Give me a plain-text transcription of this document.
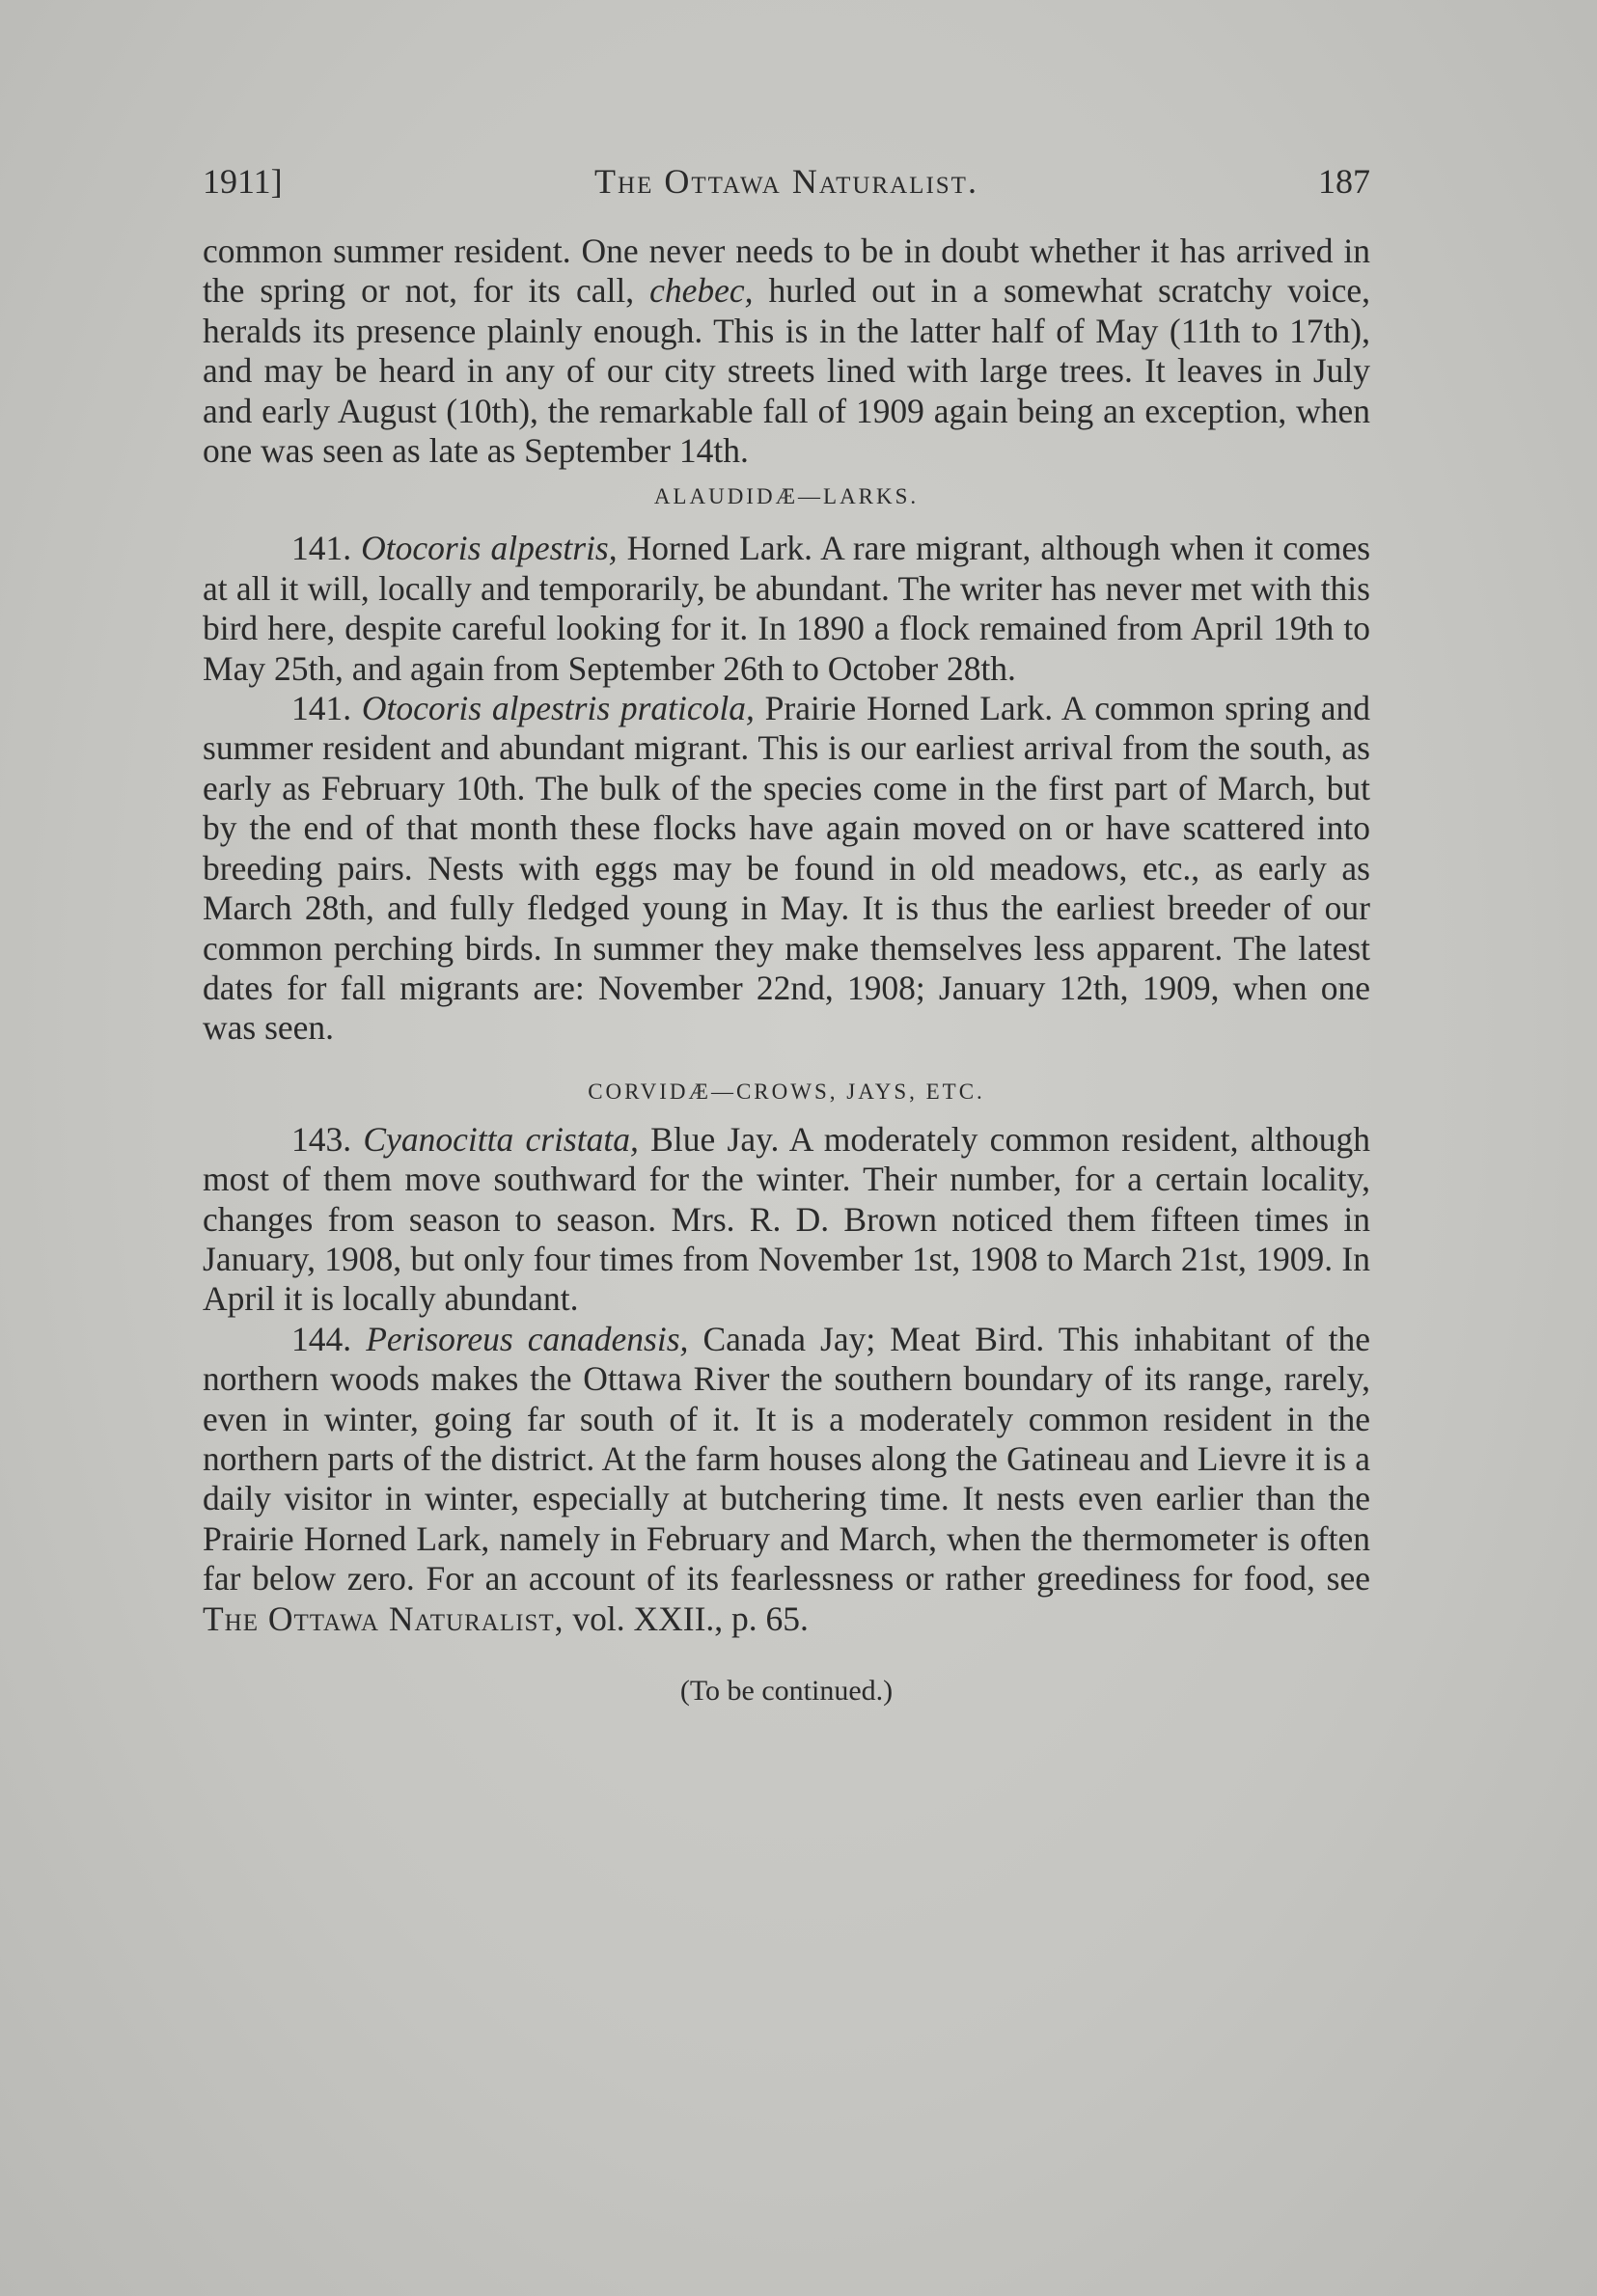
1911]	The Ottawa Naturalist.	187

common summer resident. One never needs to be in doubt whether it has arrived in the spring or not, for its call, chebec, hurled out in a somewhat scratchy voice, heralds its presence plainly enough. This is in the latter half of May (11th to 17th), and may be heard in any of our city streets lined with large trees. It leaves in July and early August (10th), the remarkable fall of 1909 again being an exception, when one was seen as late as September 14th.

ALAUDIDÆ—LARKS.

141. Otocoris alpestris, Horned Lark. A rare migrant, although when it comes at all it will, locally and temporarily, be abundant. The writer has never met with this bird here, despite careful looking for it. In 1890 a flock remained from April 19th to May 25th, and again from September 26th to October 28th.

141. Otocoris alpestris praticola, Prairie Horned Lark. A common spring and summer resident and abundant migrant. This is our earliest arrival from the south, as early as February 10th. The bulk of the species come in the first part of March, but by the end of that month these flocks have again moved on or have scattered into breeding pairs. Nests with eggs may be found in old meadows, etc., as early as March 28th, and fully fledged young in May. It is thus the earliest breeder of our common perching birds. In summer they make themselves less apparent. The latest dates for fall migrants are: November 22nd, 1908; January 12th, 1909, when one was seen.

CORVIDÆ—CROWS, JAYS, ETC.

143. Cyanocitta cristata, Blue Jay. A moderately common resident, although most of them move southward for the winter. Their number, for a certain locality, changes from season to season. Mrs. R. D. Brown noticed them fifteen times in January, 1908, but only four times from November 1st, 1908 to March 21st, 1909. In April it is locally abundant.

144. Perisoreus canadensis, Canada Jay; Meat Bird. This inhabitant of the northern woods makes the Ottawa River the southern boundary of its range, rarely, even in winter, going far south of it. It is a moderately common resident in the northern parts of the district. At the farm houses along the Gatineau and Lievre it is a daily visitor in winter, especially at butchering time. It nests even earlier than the Prairie Horned Lark, namely in February and March, when the thermometer is often far below zero. For an account of its fearlessness or rather greediness for food, see The Ottawa Naturalist, vol. XXII., p. 65.

(To be continued.)
